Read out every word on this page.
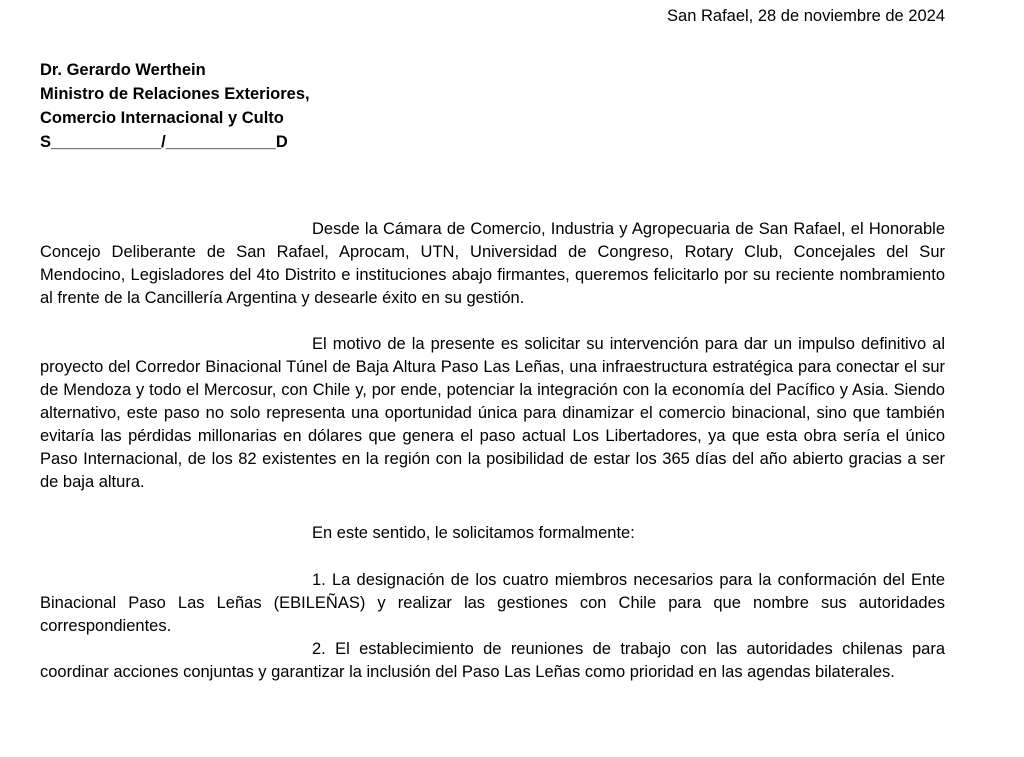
San Rafael, 28 de noviembre de 2024
Dr. Gerardo Werthein
Ministro de Relaciones Exteriores,
Comercio Internacional y Culto
S____________/____________D

Desde la Cámara de Comercio, Industria y Agropecuaria de San Rafael, el Honorable Concejo Deliberante de San Rafael, Aprocam, UTN, Universidad de Congreso, Rotary Club, Concejales del Sur Mendocino, Legisladores del 4to Distrito e instituciones abajo firmantes, queremos felicitarlo por su reciente nombramiento al frente de la Cancillería Argentina y desearle éxito en su gestión.

El motivo de la presente es solicitar su intervención para dar un impulso definitivo al proyecto del Corredor Binacional Túnel de Baja Altura Paso Las Leñas, una infraestructura estratégica para conectar el sur de Mendoza y todo el Mercosur, con Chile y, por ende, potenciar la integración con la economía del Pacífico y Asia. Siendo alternativo, este paso no solo representa una oportunidad única para dinamizar el comercio binacional, sino que también evitaría las pérdidas millonarias en dólares que genera el paso actual Los Libertadores, ya que esta obra sería el único Paso Internacional, de los 82 existentes en la región con la posibilidad de estar los 365 días del año abierto gracias a ser de baja altura.

En este sentido, le solicitamos formalmente:

1. La designación de los cuatro miembros necesarios para la conformación del Ente Binacional Paso Las Leñas (EBILEÑAS) y realizar las gestiones con Chile para que nombre sus autoridades correspondientes.

2. El establecimiento de reuniones de trabajo con las autoridades chilenas para coordinar acciones conjuntas y garantizar la inclusión del Paso Las Leñas como prioridad en las agendas bilaterales.
